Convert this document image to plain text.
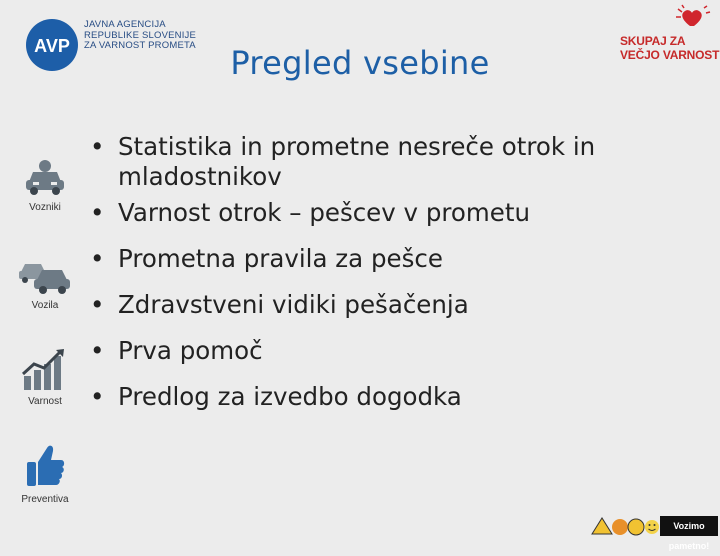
AVP
JAVNA AGENCIJA
REPUBLIKE SLOVENIJE
ZA VARNOST PROMETA	SKUPAJ ZA
VEČJO VARNOST
Pregled vsebine
Vozniki
Vozila
Varnost
Preventiva
• Statistika in prometne nesreče otrok in mladostnikov
• Varnost otrok – pešcev v prometu
• Prometna pravila za pešce
• Zdravstveni vidiki pešačenja
• Prva pomoč
• Predlog za izvedbo dogodka
Vozimo pametno!
